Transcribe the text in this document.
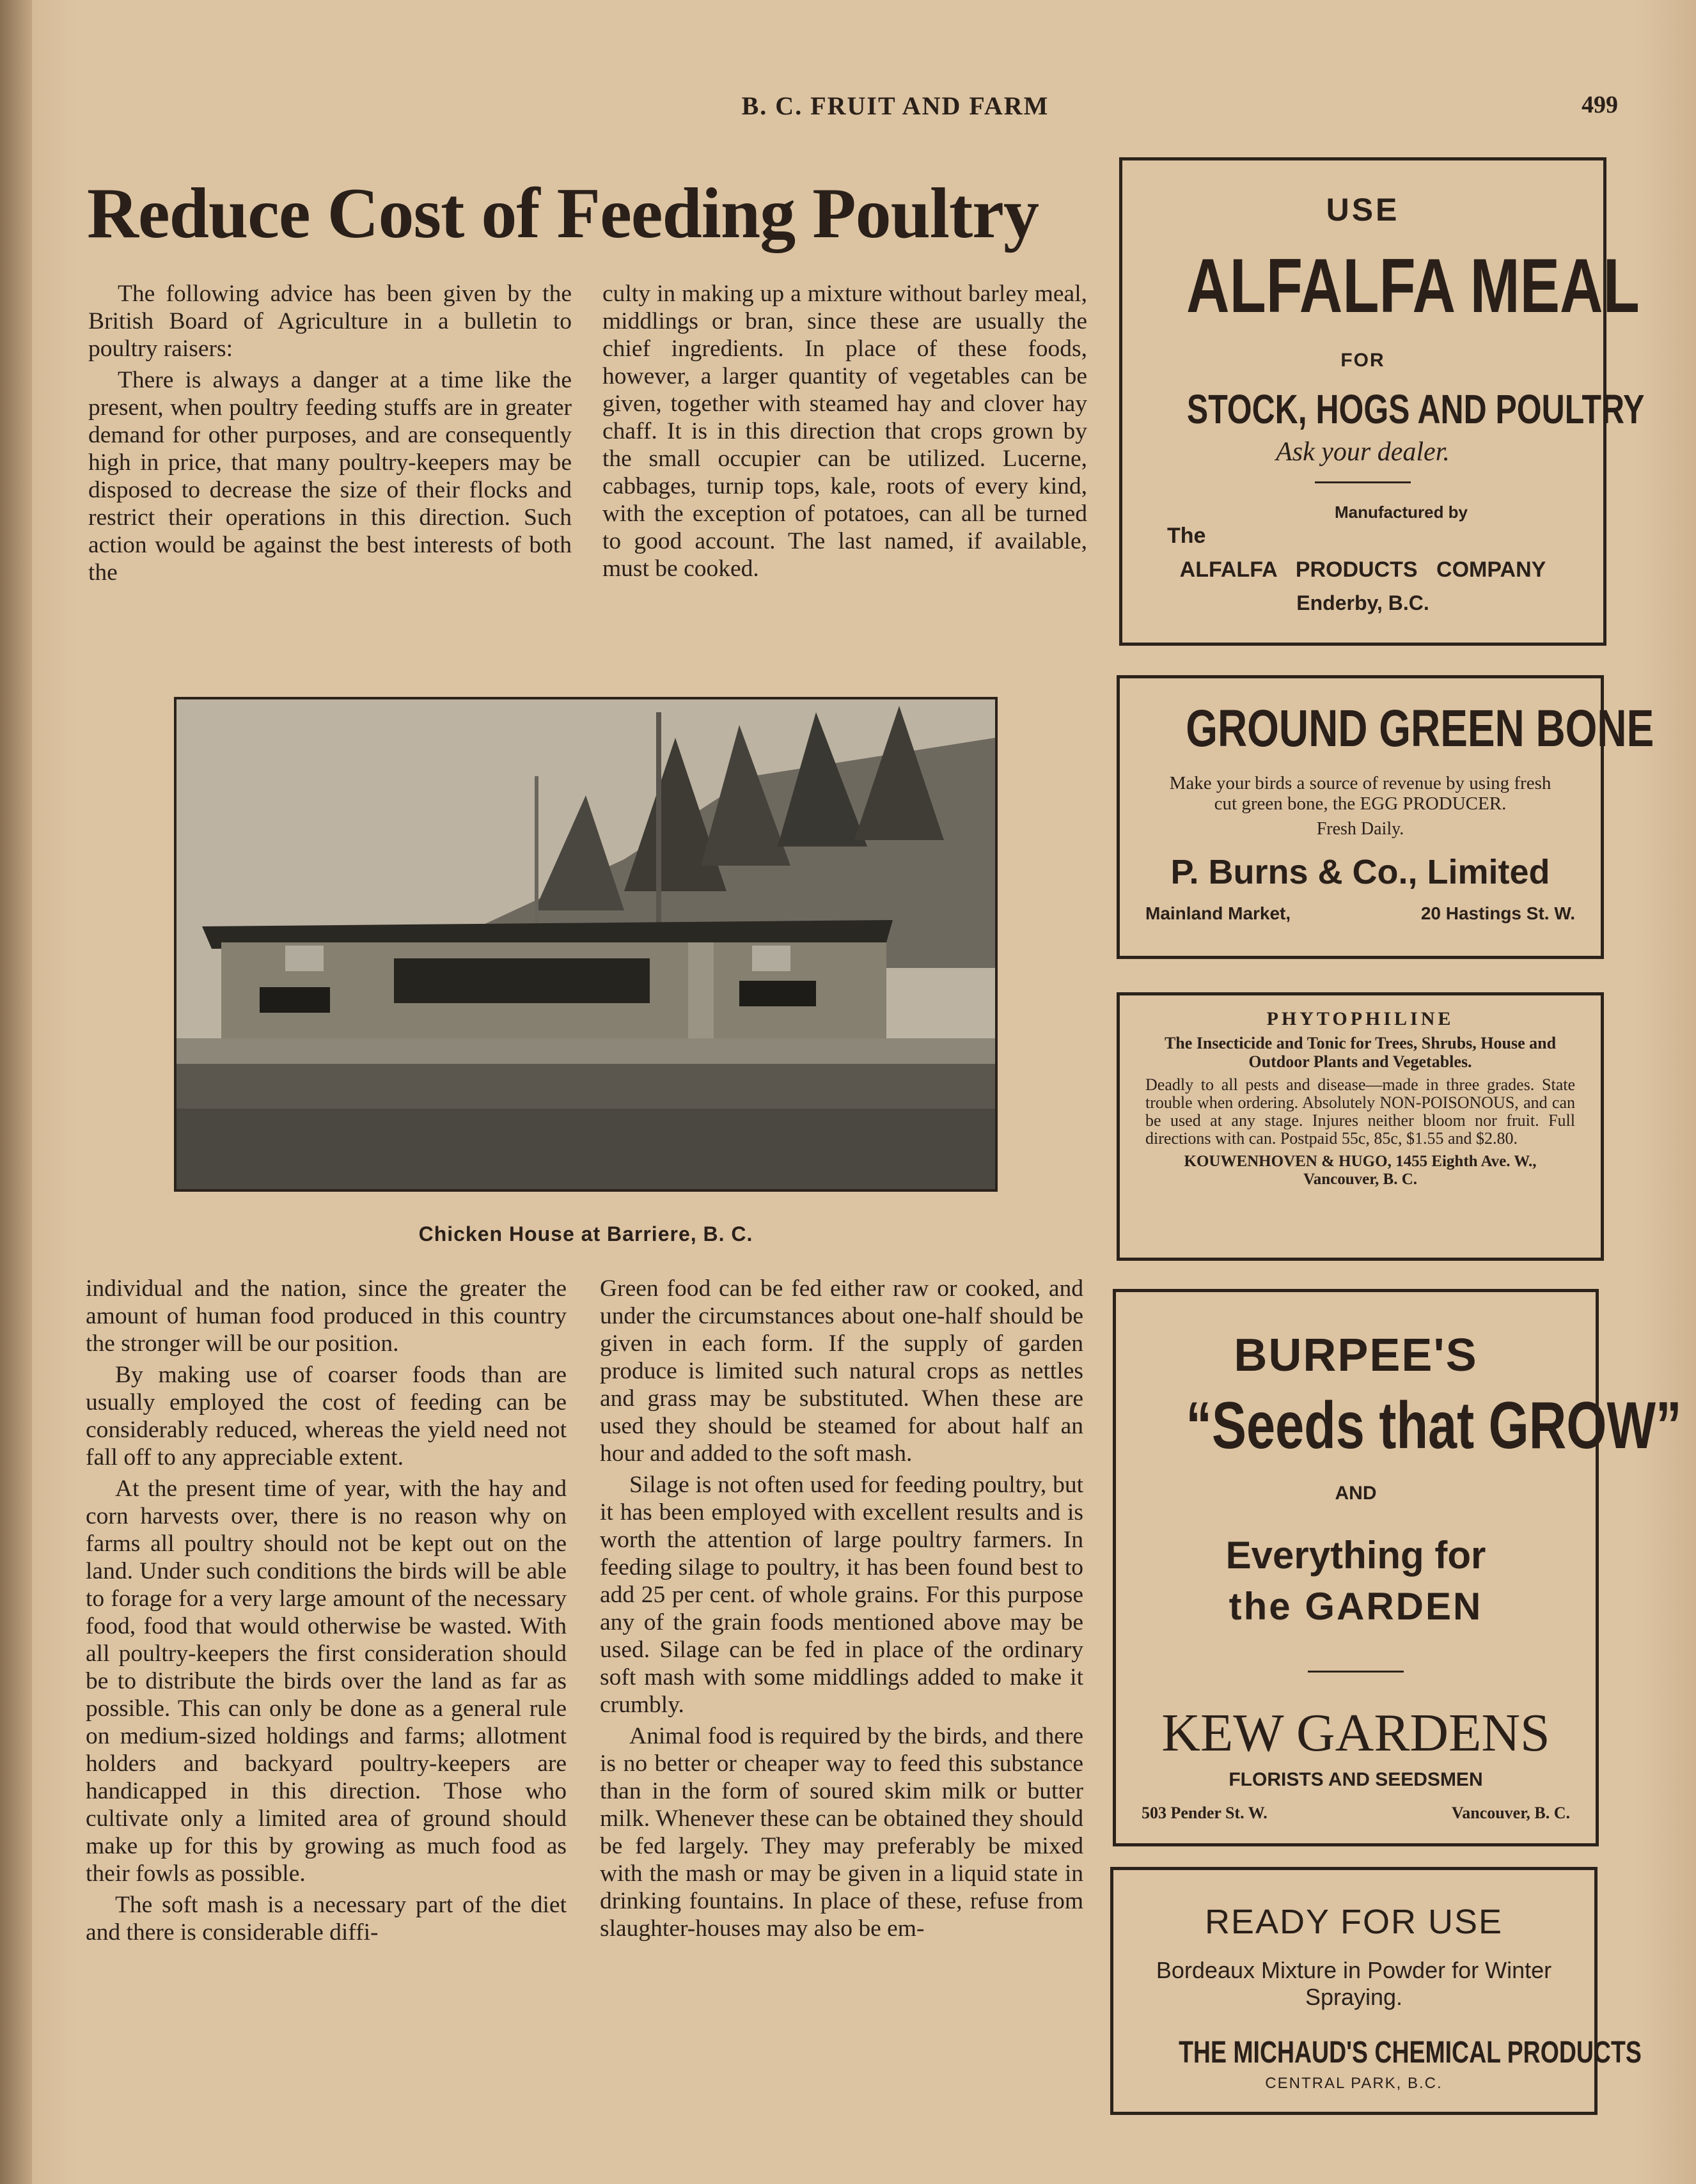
B. C. FRUIT AND FARM	499
Reduce Cost of Feeding Poultry

The following advice has been given by the British Board of Agriculture in a bulletin to poultry raisers:

There is always a danger at a time like the present, when poultry feeding stuffs are in greater demand for other purposes, and are consequently high in price, that many poultry-keepers may be disposed to decrease the size of their flocks and restrict their operations in this direction. Such action would be against the best interests of both the

culty in making up a mixture without barley meal, middlings or bran, since these are usually the chief ingredients. In place of these foods, however, a larger quantity of vegetables can be given, together with steamed hay and clover hay chaff. It is in this direction that crops grown by the small occupier can be utilized. Lucerne, cabbages, turnip tops, kale, roots of every kind, with the exception of potatoes, can all be turned to good account. The last named, if available, must be cooked.

Chicken House at Barriere, B. C.

individual and the nation, since the greater the amount of human food produced in this country the stronger will be our position.

By making use of coarser foods than are usually employed the cost of feeding can be considerably reduced, whereas the yield need not fall off to any appreciable extent.

At the present time of year, with the hay and corn harvests over, there is no reason why on farms all poultry should not be kept out on the land. Under such conditions the birds will be able to forage for a very large amount of the necessary food, food that would otherwise be wasted. With all poultry-keepers the first consideration should be to distribute the birds over the land as far as possible. This can only be done as a general rule on medium-sized holdings and farms; allotment holders and backyard poultry-keepers are handicapped in this direction. Those who cultivate only a limited area of ground should make up for this by growing as much food as their fowls as possible.

The soft mash is a necessary part of the diet and there is considerable diffi-

Green food can be fed either raw or cooked, and under the circumstances about one-half should be given in each form. If the supply of garden produce is limited such natural crops as nettles and grass may be substituted. When these are used they should be steamed for about half an hour and added to the soft mash.

Silage is not often used for feeding poultry, but it has been employed with excellent results and is worth the attention of large poultry farmers. In feeding silage to poultry, it has been found best to add 25 per cent. of whole grains. For this purpose any of the grain foods mentioned above may be used. Silage can be fed in place of the ordinary soft mash with some middlings added to make it crumbly.

Animal food is required by the birds, and there is no better or cheaper way to feed this substance than in the form of soured skim milk or butter milk. Whenever these can be obtained they should be fed largely. They may preferably be mixed with the mash or may be given in a liquid state in drinking fountains. In place of these, refuse from slaughter-houses may also be em-

USE
ALFALFA MEAL
FOR
STOCK, HOGS AND POULTRY
Ask your dealer.
Manufactured by
The
ALFALFA PRODUCTS COMPANY
Enderby, B.C.
GROUND GREEN BONE
Make your birds a source of revenue by using fresh cut green bone, the EGG PRODUCER.
Fresh Daily.
P. Burns & Co., Limited
Mainland Market,	20 Hastings St. W.
PHYTOPHILINE
The Insecticide and Tonic for Trees, Shrubs, House and Outdoor Plants and Vegetables.
Deadly to all pests and disease—made in three grades. State trouble when ordering. Absolutely NON-POISONOUS, and can be used at any stage. Injures neither bloom nor fruit. Full directions with can. Postpaid 55c, 85c, $1.55 and $2.80.
KOUWENHOVEN & HUGO, 1455 Eighth Ave. W., Vancouver, B. C.
BURPEE'S
“Seeds that GROW”
AND
Everything for
the GARDEN
KEW GARDENS
FLORISTS AND SEEDSMEN
503 Pender St. W.	Vancouver, B. C.
READY FOR USE
Bordeaux Mixture in Powder for Winter Spraying.
THE MICHAUD'S CHEMICAL PRODUCTS
CENTRAL PARK, B.C.
